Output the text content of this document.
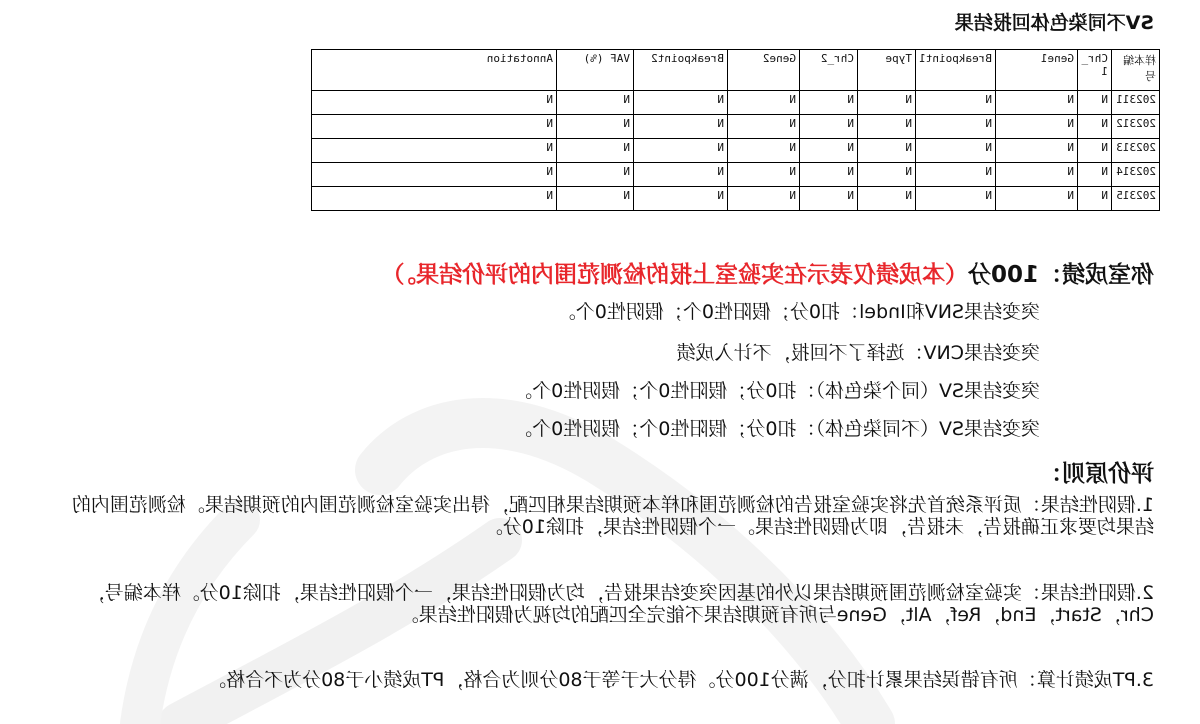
SV不同染色体回报结果
样本编号	Chr_1	Gene1	Breakpoint1	Type	Chr_2	Gene2	Breakpoint2	VAF (%)	Annotation
202311	N	N	N	N	N	N	N	N	N
202312	N	N	N	N	N	N	N	N	N
202313	N	N	N	N	N	N	N	N	N
202314	N	N	N	N	N	N	N	N	N
202315	N	N	N	N	N	N	N	N	N
你室成绩：100分（本成绩仅表示在实验室上报的检测范围内的评价结果。）
突变结果SNV和Indel：扣0分；假阳性0个；假阴性0个。
突变结果CNV：选择了不回报，不计入成绩
突变结果SV（同个染色体）：扣0分；假阳性0个；假阴性0个。
突变结果SV（不同染色体）：扣0分；假阳性0个；假阴性0个。
评价原则：
1.假阴性结果：质评系统首先将实验室报告的检测范围和样本预期结果相匹配，得出实验室检测范围内的预期结果。检测范围内的结果均要求正确报告，未报告，即为假阴性结果。一个假阴性结果，扣除10分。
2.假阳性结果：实验室检测范围预期结果以外的基因突变结果报告，均为假阳性结果，一个假阳性结果，扣除10分。样本编号，Chr，Start，End，Ref，Alt，Gene与所有预期结果不能完全匹配的均视为假阳性结果。
3.PT成绩计算：所有错误结果累计扣分，满分100分。得分大于等于80分则为合格，PT成绩小于80分为不合格。
